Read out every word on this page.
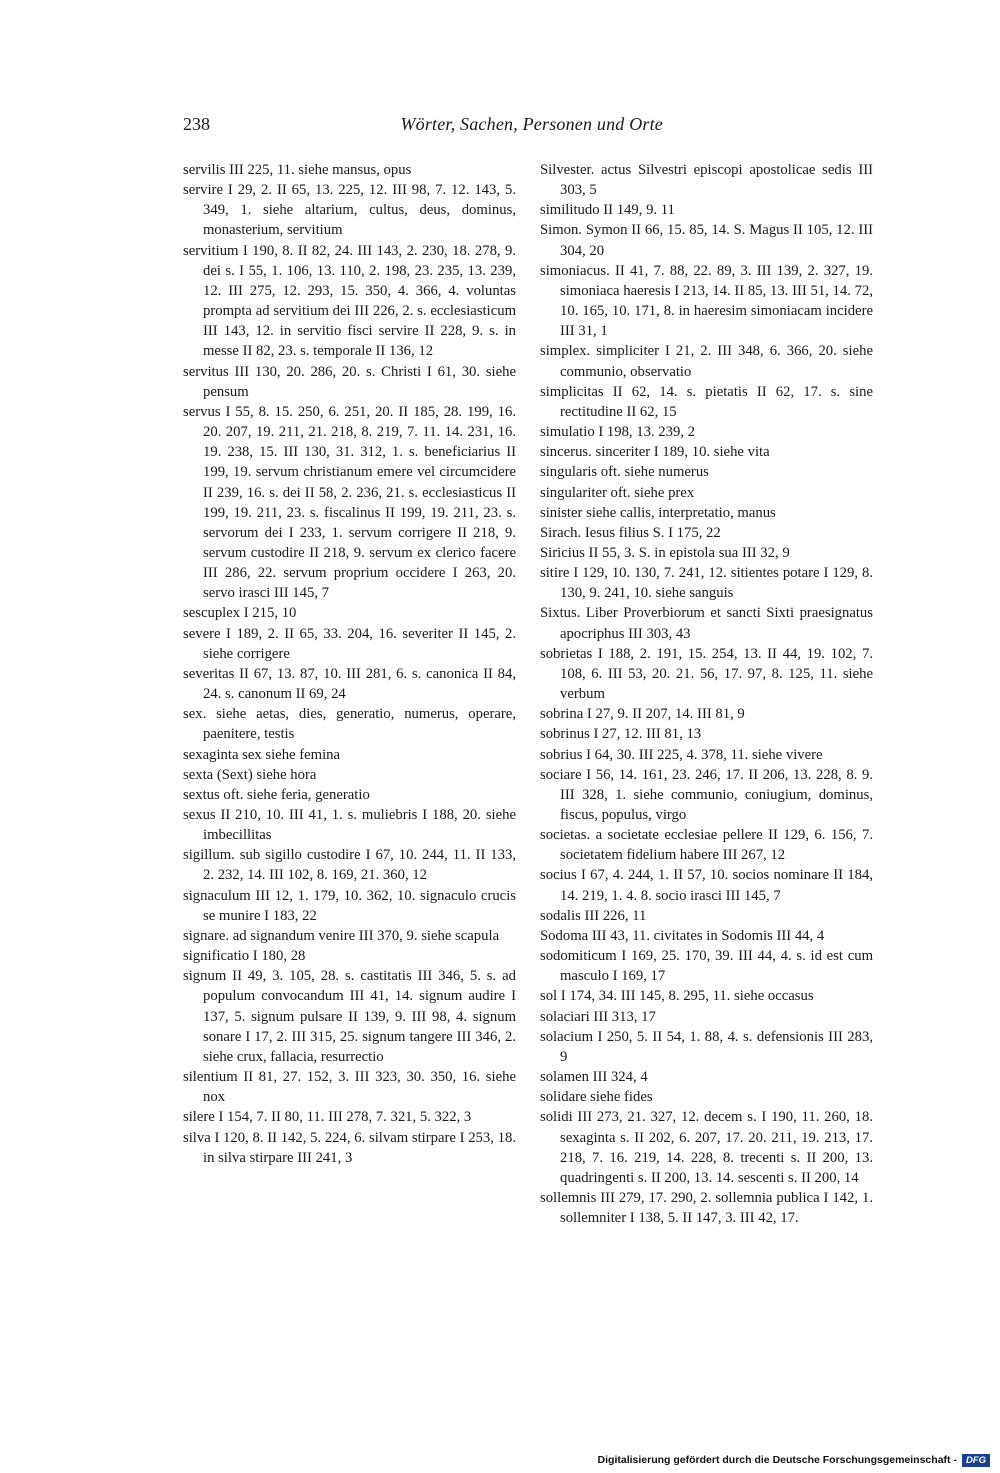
238	Wörter, Sachen, Personen und Orte

servilis III 225, 11. siehe mansus, opus

servire I 29, 2. II 65, 13. 225, 12. III 98, 7. 12. 143, 5. 349, 1. siehe altarium, cultus, deus, dominus, monasterium, servitium

servitium I 190, 8. II 82, 24. III 143, 2. 230, 18. 278, 9. dei s. I 55, 1. 106, 13. 110, 2. 198, 23. 235, 13. 239, 12. III 275, 12. 293, 15. 350, 4. 366, 4. voluntas prompta ad servitium dei III 226, 2. s. ecclesiasticum III 143, 12. in servitio fisci servire II 228, 9. s. in messe II 82, 23. s. temporale II 136, 12

servitus III 130, 20. 286, 20. s. Christi I 61, 30. siehe pensum

servus I 55, 8. 15. 250, 6. 251, 20. II 185, 28. 199, 16. 20. 207, 19. 211, 21. 218, 8. 219, 7. 11. 14. 231, 16. 19. 238, 15. III 130, 31. 312, 1. s. beneficiarius II 199, 19. servum christianum emere vel circumcidere II 239, 16. s. dei II 58, 2. 236, 21. s. ecclesiasticus II 199, 19. 211, 23. s. fiscalinus II 199, 19. 211, 23. s. servorum dei I 233, 1. servum corrigere II 218, 9. servum custodire II 218, 9. servum ex clerico facere III 286, 22. servum proprium occidere I 263, 20. servo irasci III 145, 7

sescuplex I 215, 10

severe I 189, 2. II 65, 33. 204, 16. severiter II 145, 2. siehe corrigere

severitas II 67, 13. 87, 10. III 281, 6. s. canonica II 84, 24. s. canonum II 69, 24

sex. siehe aetas, dies, generatio, numerus, operare, paenitere, testis

sexaginta sex siehe femina

sexta (Sext) siehe hora

sextus oft. siehe feria, generatio

sexus II 210, 10. III 41, 1. s. muliebris I 188, 20. siehe imbecillitas

sigillum. sub sigillo custodire I 67, 10. 244, 11. II 133, 2. 232, 14. III 102, 8. 169, 21. 360, 12

signaculum III 12, 1. 179, 10. 362, 10. signaculo crucis se munire I 183, 22

signare. ad signandum venire III 370, 9. siehe scapula

significatio I 180, 28

signum II 49, 3. 105, 28. s. castitatis III 346, 5. s. ad populum convocandum III 41, 14. signum audire I 137, 5. signum pulsare II 139, 9. III 98, 4. signum sonare I 17, 2. III 315, 25. signum tangere III 346, 2. siehe crux, fallacia, resurrectio

silentium II 81, 27. 152, 3. III 323, 30. 350, 16. siehe nox

silere I 154, 7. II 80, 11. III 278, 7. 321, 5. 322, 3

silva I 120, 8. II 142, 5. 224, 6. silvam stirpare I 253, 18. in silva stirpare III 241, 3

Silvester. actus Silvestri episcopi apostolicae sedis III 303, 5

similitudo II 149, 9. 11

Simon. Symon II 66, 15. 85, 14. S. Magus II 105, 12. III 304, 20

simoniacus. II 41, 7. 88, 22. 89, 3. III 139, 2. 327, 19. simoniaca haeresis I 213, 14. II 85, 13. III 51, 14. 72, 10. 165, 10. 171, 8. in haeresim simoniacam incidere III 31, 1

simplex. simpliciter I 21, 2. III 348, 6. 366, 20. siehe communio, observatio

simplicitas II 62, 14. s. pietatis II 62, 17. s. sine rectitudine II 62, 15

simulatio I 198, 13. 239, 2

sincerus. sinceriter I 189, 10. siehe vita

singularis oft. siehe numerus

singulariter oft. siehe prex

sinister siehe callis, interpretatio, manus

Sirach. Iesus filius S. I 175, 22

Siricius II 55, 3. S. in epistola sua III 32, 9

sitire I 129, 10. 130, 7. 241, 12. sitientes potare I 129, 8. 130, 9. 241, 10. siehe sanguis

Sixtus. Liber Proverbiorum et sancti Sixti praesignatus apocriphus III 303, 43

sobrietas I 188, 2. 191, 15. 254, 13. II 44, 19. 102, 7. 108, 6. III 53, 20. 21. 56, 17. 97, 8. 125, 11. siehe verbum

sobrina I 27, 9. II 207, 14. III 81, 9

sobrinus I 27, 12. III 81, 13

sobrius I 64, 30. III 225, 4. 378, 11. siehe vivere

sociare I 56, 14. 161, 23. 246, 17. II 206, 13. 228, 8. 9. III 328, 1. siehe communio, coniugium, dominus, fiscus, populus, virgo

societas. a societate ecclesiae pellere II 129, 6. 156, 7. societatem fidelium habere III 267, 12

socius I 67, 4. 244, 1. II 57, 10. socios nominare II 184, 14. 219, 1. 4. 8. socio irasci III 145, 7

sodalis III 226, 11

Sodoma III 43, 11. civitates in Sodomis III 44, 4

sodomiticum I 169, 25. 170, 39. III 44, 4. s. id est cum masculo I 169, 17

sol I 174, 34. III 145, 8. 295, 11. siehe occasus

solaciari III 313, 17

solacium I 250, 5. II 54, 1. 88, 4. s. defensionis III 283, 9

solamen III 324, 4

solidare siehe fides

solidi III 273, 21. 327, 12. decem s. I 190, 11. 260, 18. sexaginta s. II 202, 6. 207, 17. 20. 211, 19. 213, 17. 218, 7. 16. 219, 14. 228, 8. trecenti s. II 200, 13. quadringenti s. II 200, 13. 14. sescenti s. II 200, 14

sollemnis III 279, 17. 290, 2. sollemnia publica I 142, 1. sollemniter I 138, 5. II 147, 3. III 42, 17.

Digitalisierung gefördert durch die Deutsche Forschungsgemeinschaft - DFG
